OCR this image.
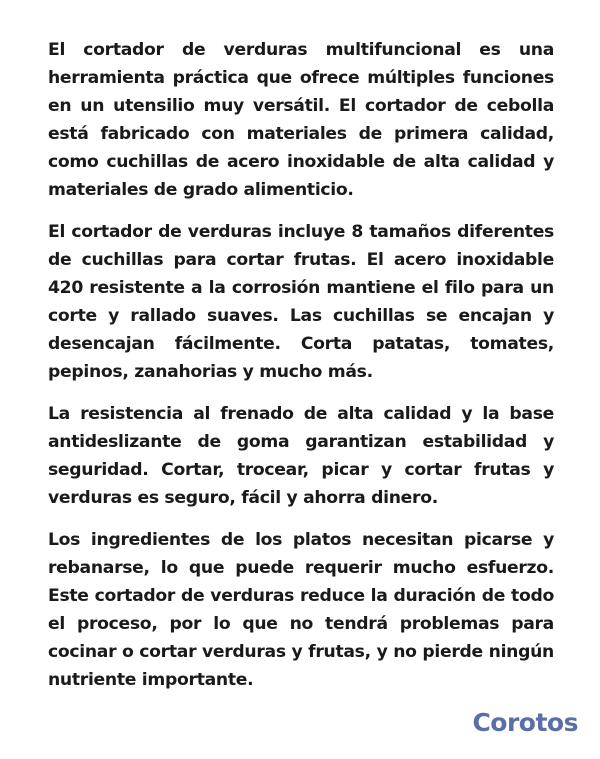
El cortador de verduras multifuncional es una herramienta práctica que ofrece múltiples funciones en un utensilio muy versátil. El cortador de cebolla está fabricado con materiales de primera calidad, como cuchillas de acero inoxidable de alta calidad y materiales de grado alimenticio.

El cortador de verduras incluye 8 tamaños diferentes de cuchillas para cortar frutas. El acero inoxidable 420 resistente a la corrosión mantiene el filo para un corte y rallado suaves. Las cuchillas se encajan y desencajan fácilmente. Corta patatas, tomates, pepinos, zanahorias y mucho más.

La resistencia al frenado de alta calidad y la base antideslizante de goma garantizan estabilidad y seguridad. Cortar, trocear, picar y cortar frutas y verduras es seguro, fácil y ahorra dinero.

Los ingredientes de los platos necesitan picarse y rebanarse, lo que puede requerir mucho esfuerzo. Este cortador de verduras reduce la duración de todo el proceso, por lo que no tendrá problemas para cocinar o cortar verduras y frutas, y no pierde ningún nutriente importante.

Corotos
